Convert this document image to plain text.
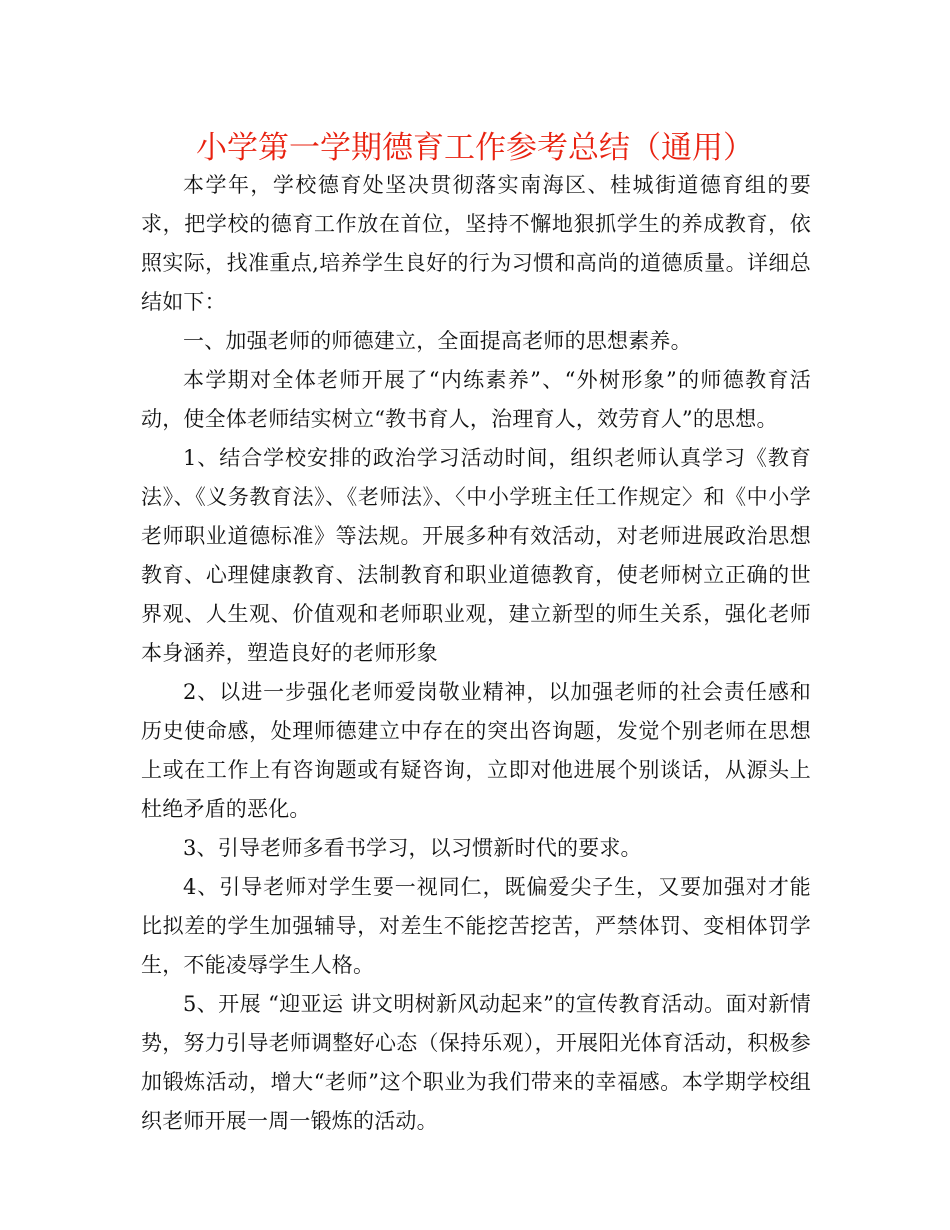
小学第一学期德育工作参考总结（通用）

本学年，学校德育处坚决贯彻落实南海区、桂城街道德育组的要求，把学校的德育工作放在首位，坚持不懈地狠抓学生的养成教育，依照实际，找准重点,培养学生良好的行为习惯和高尚的道德质量。详细总结如下：

一、加强老师的师德建立，全面提高老师的思想素养。

本学期对全体老师开展了“内练素养”、“外树形象”的师德教育活动，使全体老师结实树立“教书育人，治理育人，效劳育人”的思想。

1、结合学校安排的政治学习活动时间，组织老师认真学习《教育法》、《义务教育法》、《老师法》、〈中小学班主任工作规定〉和《中小学老师职业道德标准》等法规。开展多种有效活动，对老师进展政治思想教育、心理健康教育、法制教育和职业道德教育，使老师树立正确的世界观、人生观、价值观和老师职业观，建立新型的师生关系，强化老师本身涵养，塑造良好的老师形象

2、以进一步强化老师爱岗敬业精神，以加强老师的社会责任感和历史使命感，处理师德建立中存在的突出咨询题，发觉个别老师在思想上或在工作上有咨询题或有疑咨询，立即对他进展个别谈话，从源头上杜绝矛盾的恶化。

3、引导老师多看书学习，以习惯新时代的要求。

4、引导老师对学生要一视同仁，既偏爱尖子生，又要加强对才能比拟差的学生加强辅导，对差生不能挖苦挖苦，严禁体罚、变相体罚学生，不能凌辱学生人格。

5、开展 “迎亚运 讲文明树新风动起来”的宣传教育活动。面对新情势，努力引导老师调整好心态（保持乐观），开展阳光体育活动，积极参加锻炼活动，增大“老师”这个职业为我们带来的幸福感。本学期学校组织老师开展一周一锻炼的活动。
